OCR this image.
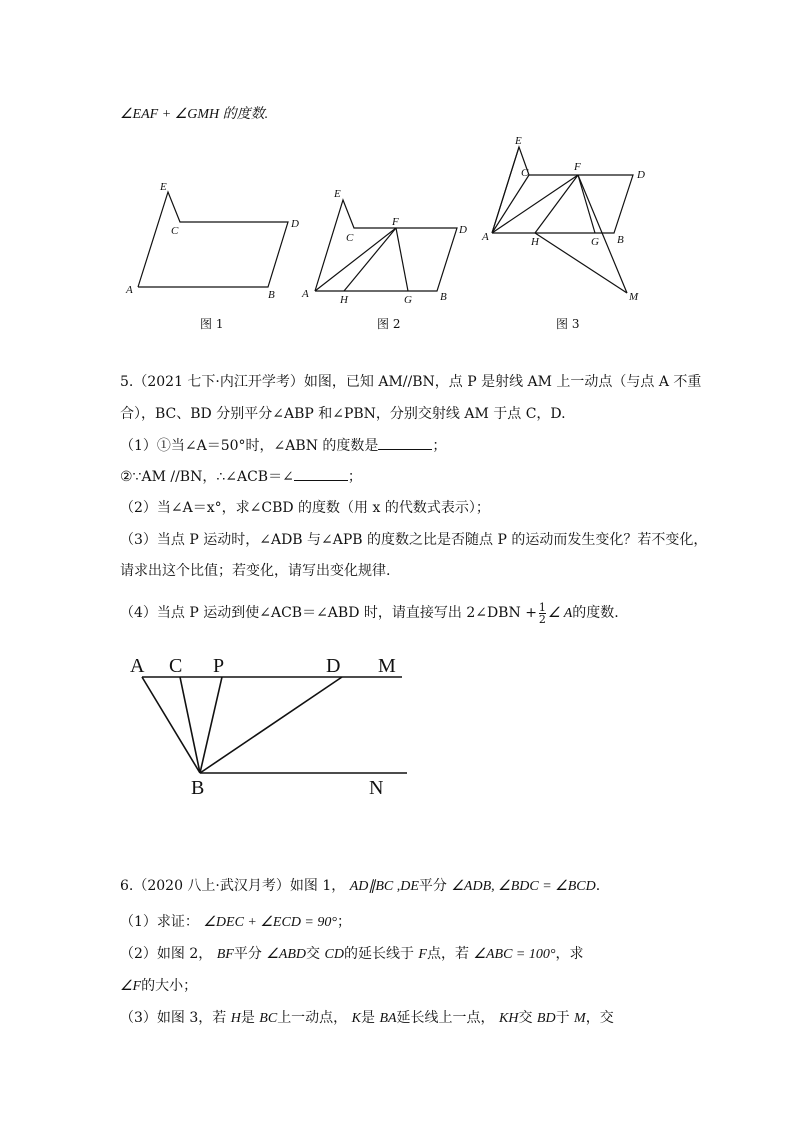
∠EAF + ∠GMH 的度数.
E
C
D
A	B
E
F
C
D
A	H	G	B
E
F
C	D
A	H	G B
M
图 1	图 2	图 3
5.（2021 七下·内江开学考）如图，已知 AM//BN，点 P 是射线 AM 上一动点（与点 A 不重
合），BC、BD 分别平分∠ABP 和∠PBN，分别交射线 AM 于点 C，D.
（1）①当∠A＝50°时，∠ABN 的度数是	；
②∵AM //BN，∴∠ACB＝∠	；
（2）当∠A＝x°，求∠CBD 的度数（用 x 的代数式表示）；
（3）当点 P 运动时，∠ADB 与∠APB 的度数之比是否随点 P 的运动而发生变化？若不变化，
请求出这个比值；若变化，请写出变化规律.
（4）当点 P 运动到使∠ACB＝∠ABD 时，请直接写出 2∠DBN + $\frac{1}{2}$ ∠ A的度数.
A C P	D M
B	N
6.（2020 八上·武汉月考）如图 1， AD∥BC ,DE平分 ∠ADB, ∠BDC = ∠BCD.
（1）求证： ∠DEC + ∠ECD = 90°；
（2）如图 2， BF平分 ∠ABD交 CD的延长线于 F点，若 ∠ABC = 100°，求
∠F的大小；
（3）如图 3，若 H是 BC上一动点， K是 BA延长线上一点， KH交 BD于 M，交
